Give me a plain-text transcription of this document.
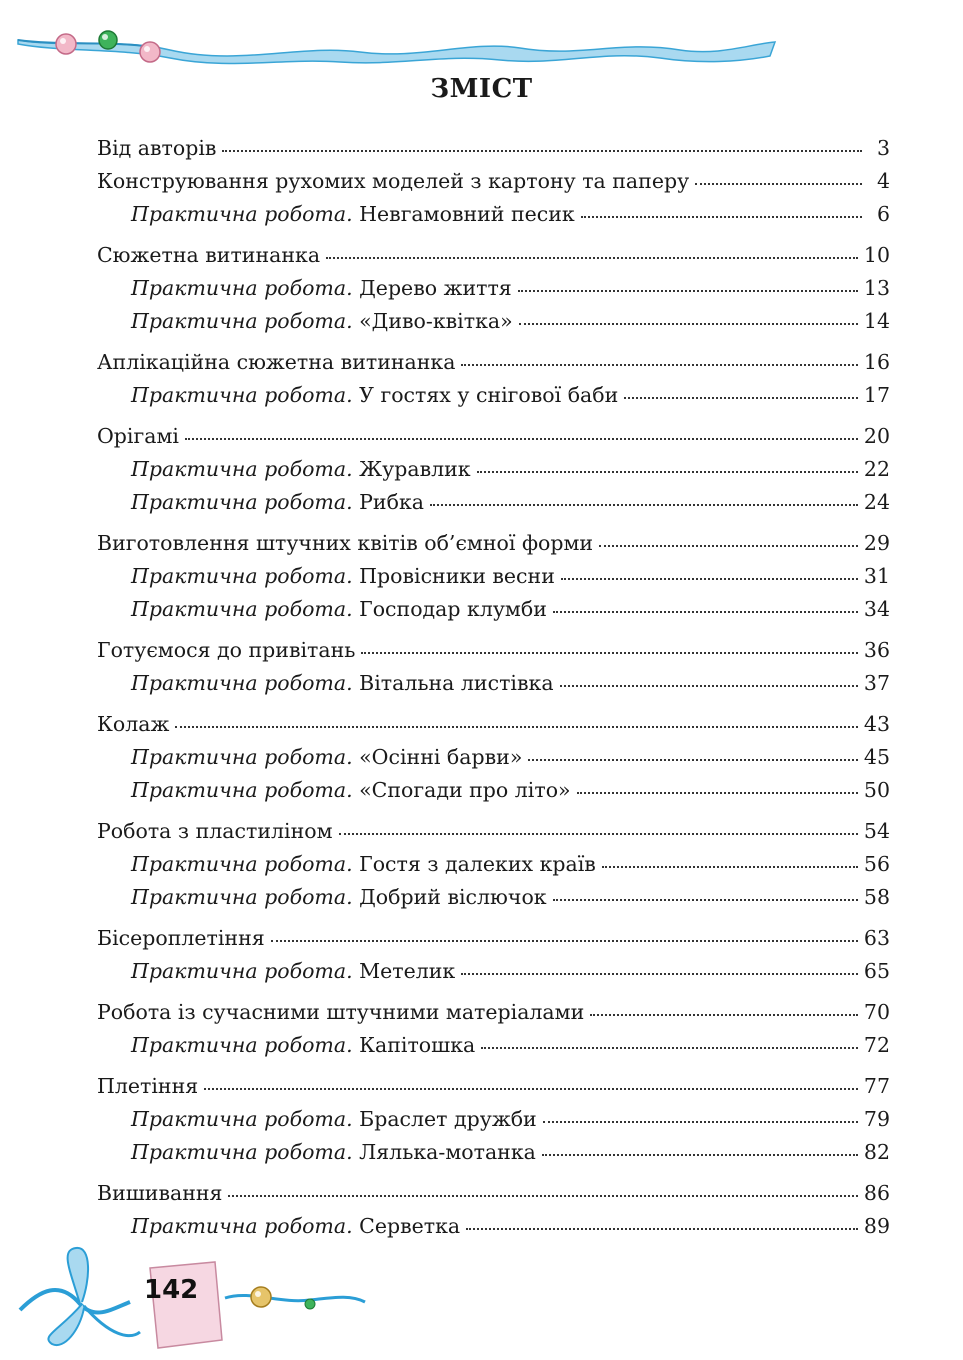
ЗМІСТ
Від авторів	3
Конструювання рухомих моделей з картону та паперу	4
Практична робота. Невгамовний песик	6
Сюжетна витинанка	10
Практична робота. Дерево життя	13
Практична робота. «Диво-квітка»	14
Аплікаційна сюжетна витинанка	16
Практична робота. У гостях у снігової баби	17
Орігамі	20
Практична робота. Журавлик	22
Практична робота. Рибка	24
Виготовлення штучних квітів об’ємної форми	29
Практична робота. Провісники весни	31
Практична робота. Господар клумби	34
Готуємося до привітань	36
Практична робота. Вітальна листівка	37
Колаж	43
Практична робота. «Осінні барви»	45
Практична робота. «Спогади про літо»	50
Робота з пластиліном	54
Практична робота. Гостя з далеких країв	56
Практична робота. Добрий віслючок	58
Бісероплетіння	63
Практична робота. Метелик	65
Робота із сучасними штучними матеріалами	70
Практична робота. Капітошка	72
Плетіння	77
Практична робота. Браслет дружби	79
Практична робота. Лялька-мотанка	82
Вишивання	86
Практична робота. Серветка	89
142
